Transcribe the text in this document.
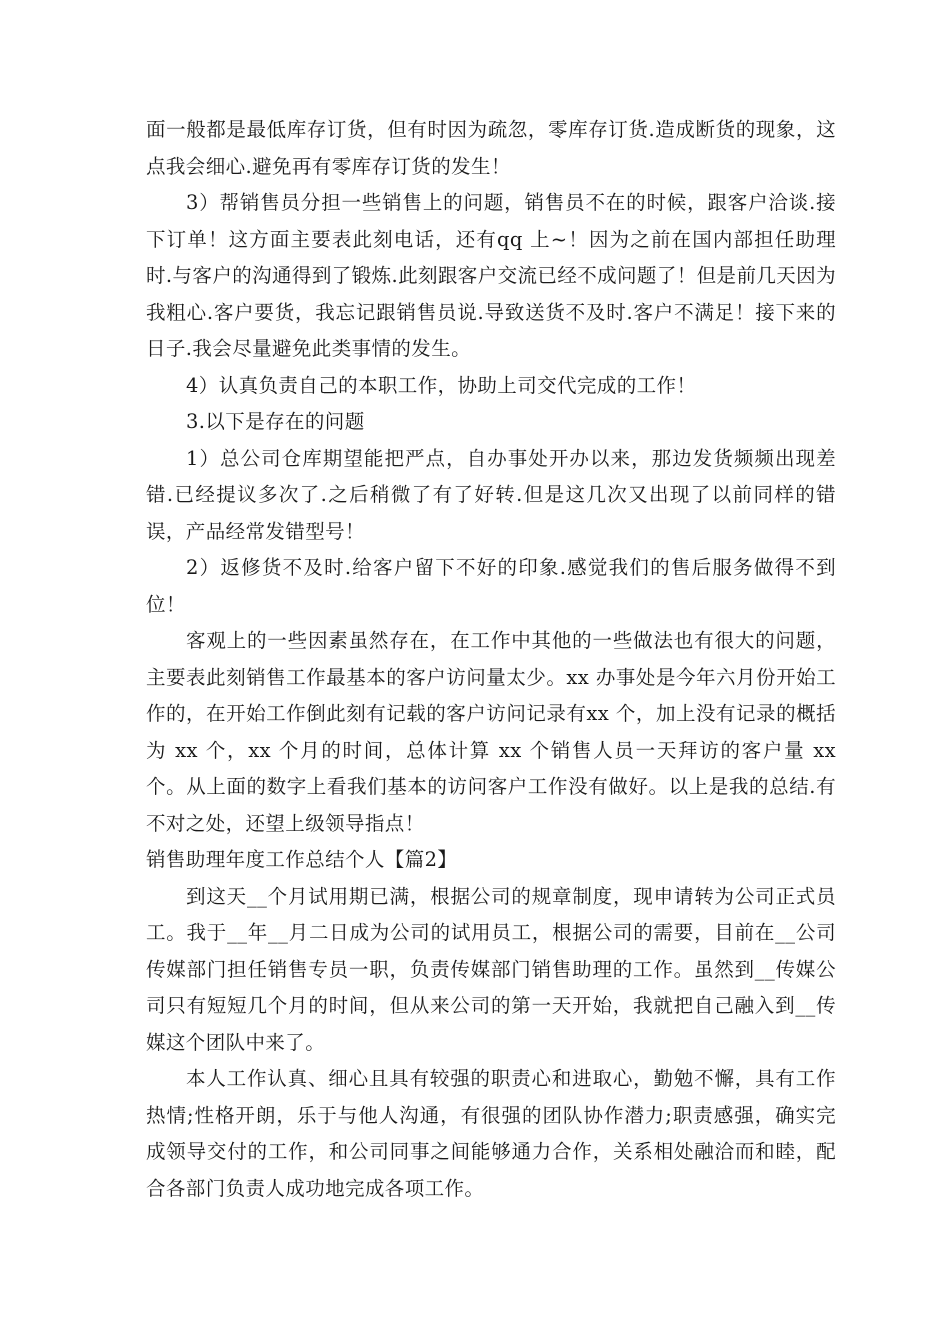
面一般都是最低库存订货，但有时因为疏忽，零库存订货.造成断货的现象，这点我会细心.避免再有零库存订货的发生！

3）帮销售员分担一些销售上的问题，销售员不在的时候，跟客户洽谈.接下订单！这方面主要表此刻电话，还有qq 上~！因为之前在国内部担任助理时.与客户的沟通得到了锻炼.此刻跟客户交流已经不成问题了！但是前几天因为我粗心.客户要货，我忘记跟销售员说.导致送货不及时.客户不满足！接下来的日子.我会尽量避免此类事情的发生。

4）认真负责自己的本职工作，协助上司交代完成的工作！

3.以下是存在的问题

1）总公司仓库期望能把严点，自办事处开办以来，那边发货频频出现差错.已经提议多次了.之后稍微了有了好转.但是这几次又出现了以前同样的错误，产品经常发错型号！

2）返修货不及时.给客户留下不好的印象.感觉我们的售后服务做得不到位！

客观上的一些因素虽然存在，在工作中其他的一些做法也有很大的问题，主要表此刻销售工作最基本的客户访问量太少。xx 办事处是今年六月份开始工作的，在开始工作倒此刻有记载的客户访问记录有xx 个，加上没有记录的概括为 xx 个，xx 个月的时间，总体计算 xx 个销售人员一天拜访的客户量 xx 个。从上面的数字上看我们基本的访问客户工作没有做好。以上是我的总结.有不对之处，还望上级领导指点！

销售助理年度工作总结个人【篇2】

到这天__个月试用期已满，根据公司的规章制度，现申请转为公司正式员工。我于__年__月二日成为公司的试用员工，根据公司的需要，目前在__公司传媒部门担任销售专员一职，负责传媒部门销售助理的工作。虽然到__传媒公司只有短短几个月的时间，但从来公司的第一天开始，我就把自己融入到__传媒这个团队中来了。

本人工作认真、细心且具有较强的职责心和进取心，勤勉不懈，具有工作热情;性格开朗，乐于与他人沟通，有很强的团队协作潜力;职责感强，确实完成领导交付的工作，和公司同事之间能够通力合作，关系相处融洽而和睦，配合各部门负责人成功地完成各项工作。
